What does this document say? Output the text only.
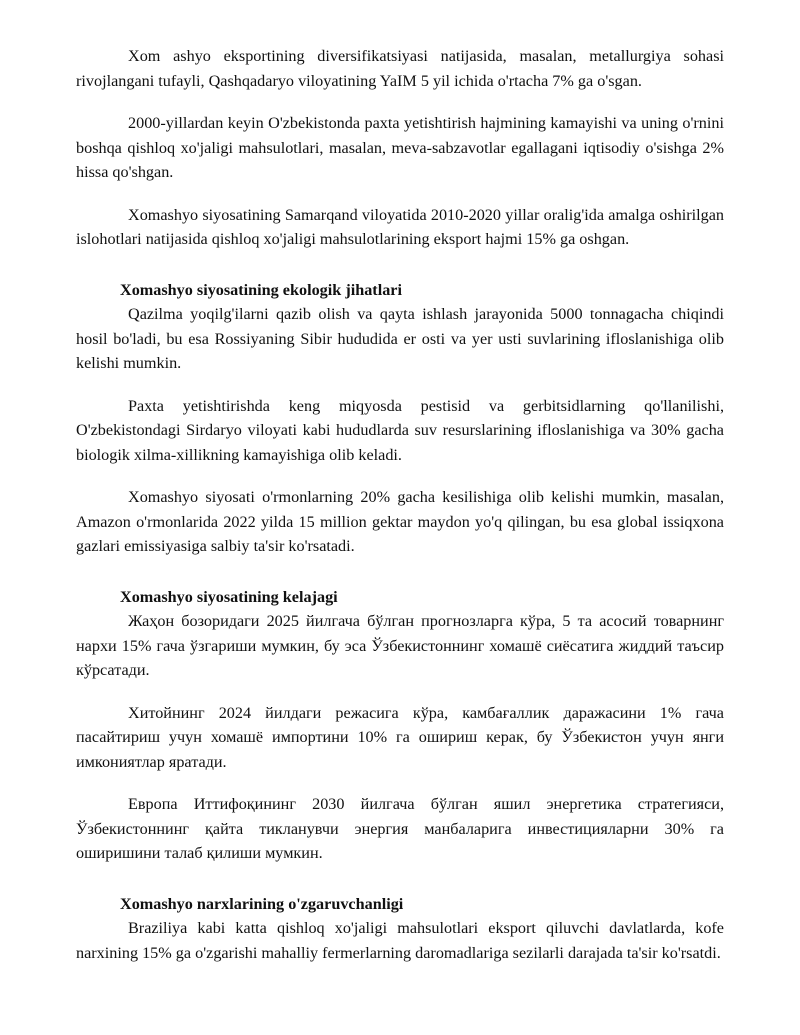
Xom ashyo eksportining diversifikatsiyasi natijasida, masalan, metallurgiya sohasi rivojlangani tufayli, Qashqadaryo viloyatining YaIM 5 yil ichida o'rtacha 7% ga o'sgan.

2000-yillardan keyin O'zbekistonda paxta yetishtirish hajmining kamayishi va uning o'rnini boshqa qishloq xo'jaligi mahsulotlari, masalan, meva-sabzavotlar egallagani iqtisodiy o'sishga 2% hissa qo'shgan.

Xomashyo siyosatining Samarqand viloyatida 2010-2020 yillar oralig'ida amalga oshirilgan islohotlari natijasida qishloq xo'jaligi mahsulotlarining eksport hajmi 15% ga oshgan.

Xomashyo siyosatining ekologik jihatlari

Qazilma yoqilg'ilarni qazib olish va qayta ishlash jarayonida 5000 tonnagacha chiqindi hosil bo'ladi, bu esa Rossiyaning Sibir hududida er osti va yer usti suvlarining ifloslanishiga olib kelishi mumkin.

Paxta yetishtirishda keng miqyosda pestisid va gerbitsidlarning qo'llanilishi, O'zbekistondagi Sirdaryo viloyati kabi hududlarda suv resurslarining ifloslanishiga va 30% gacha biologik xilma-xillikning kamayishiga olib keladi.

Xomashyo siyosati o'rmonlarning 20% gacha kesilishiga olib kelishi mumkin, masalan, Amazon o'rmonlarida 2022 yilda 15 million gektar maydon yo'q qilingan, bu esa global issiqxona gazlari emissiyasiga salbiy ta'sir ko'rsatadi.

Xomashyo siyosatining kelajagi

Жаҳон бозоридаги 2025 йилгача бўлган прогнозларга кўра, 5 та асосий товарнинг нархи 15% гача ўзгариши мумкин, бу эса Ўзбекистоннинг хомашё сиёсатига жиддий таъсир кўрсатади.

Хитойнинг 2024 йилдаги режасига кўра, камбағаллик даражасини 1% гача пасайтириш учун хомашё импортини 10% га ошириш керак, бу Ўзбекистон учун янги имкониятлар яратади.

Европа Иттифоқининг 2030 йилгача бўлган яшил энергетика стратегияси, Ўзбекистоннинг қайта тикланувчи энергия манбаларига инвестицияларни 30% га оширишини талаб қилиши мумкин.

Xomashyo narxlarining o'zgaruvchanligi

Braziliya kabi katta qishloq xo'jaligi mahsulotlari eksport qiluvchi davlatlarda, kofe narxining 15% ga o'zgarishi mahalliy fermerlarning daromadlariga sezilarli darajada ta'sir ko'rsatdi.
